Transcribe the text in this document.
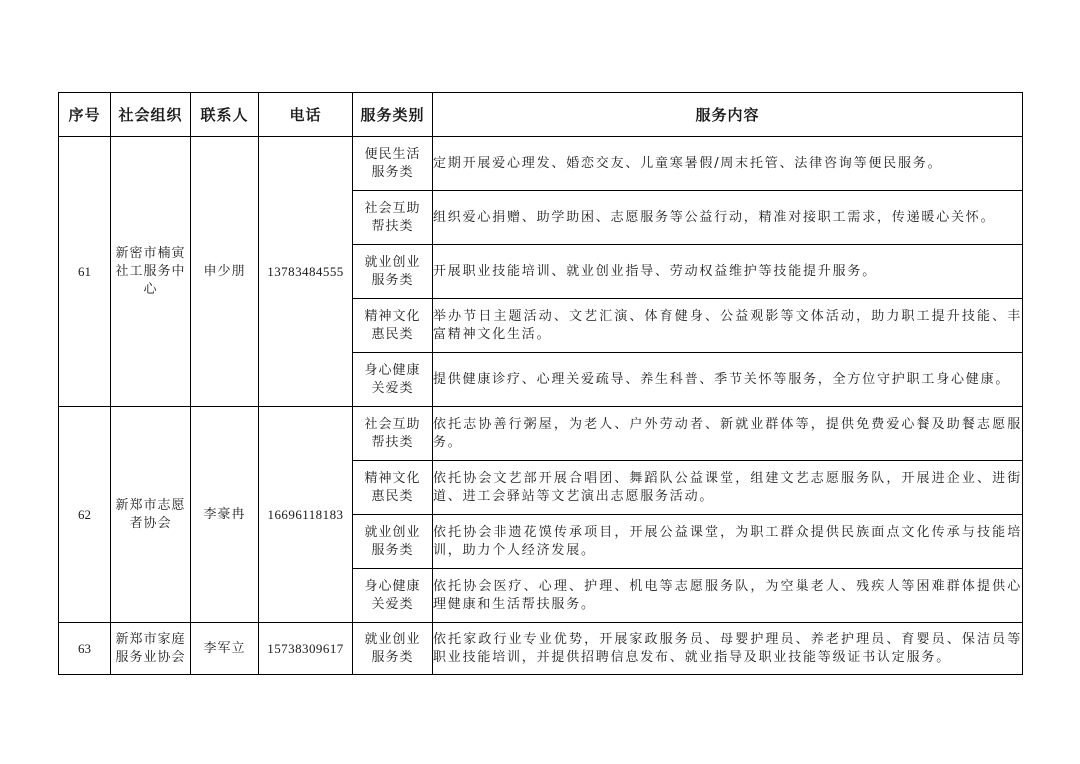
序号	社会组织	联系人	电话	服务类别	服务内容
61	新密市楠寅社工服务中心	申少朋	13783484555	便民生活服务类	定期开展爱心理发、婚恋交友、儿童寒暑假/周末托管、法律咨询等便民服务。
				社会互助帮扶类	组织爱心捐赠、助学助困、志愿服务等公益行动，精准对接职工需求，传递暖心关怀。
				就业创业服务类	开展职业技能培训、就业创业指导、劳动权益维护等技能提升服务。
				精神文化惠民类	举办节日主题活动、文艺汇演、体育健身、公益观影等文体活动，助力职工提升技能、丰富精神文化生活。
				身心健康关爱类	提供健康诊疗、心理关爱疏导、养生科普、季节关怀等服务，全方位守护职工身心健康。
62	新郑市志愿者协会	李豪冉	16696118183	社会互助帮扶类	依托志协善行粥屋，为老人、户外劳动者、新就业群体等，提供免费爱心餐及助餐志愿服务。
				精神文化惠民类	依托协会文艺部开展合唱团、舞蹈队公益课堂，组建文艺志愿服务队，开展进企业、进街道、进工会驿站等文艺演出志愿服务活动。
				就业创业服务类	依托协会非遗花馍传承项目，开展公益课堂，为职工群众提供民族面点文化传承与技能培训，助力个人经济发展。
				身心健康关爱类	依托协会医疗、心理、护理、机电等志愿服务队，为空巢老人、残疾人等困难群体提供心理健康和生活帮扶服务。
63	新郑市家庭服务业协会	李军立	15738309617	就业创业服务类	依托家政行业专业优势，开展家政服务员、母婴护理员、养老护理员、育婴员、保洁员等职业技能培训，并提供招聘信息发布、就业指导及职业技能等级证书认定服务。
